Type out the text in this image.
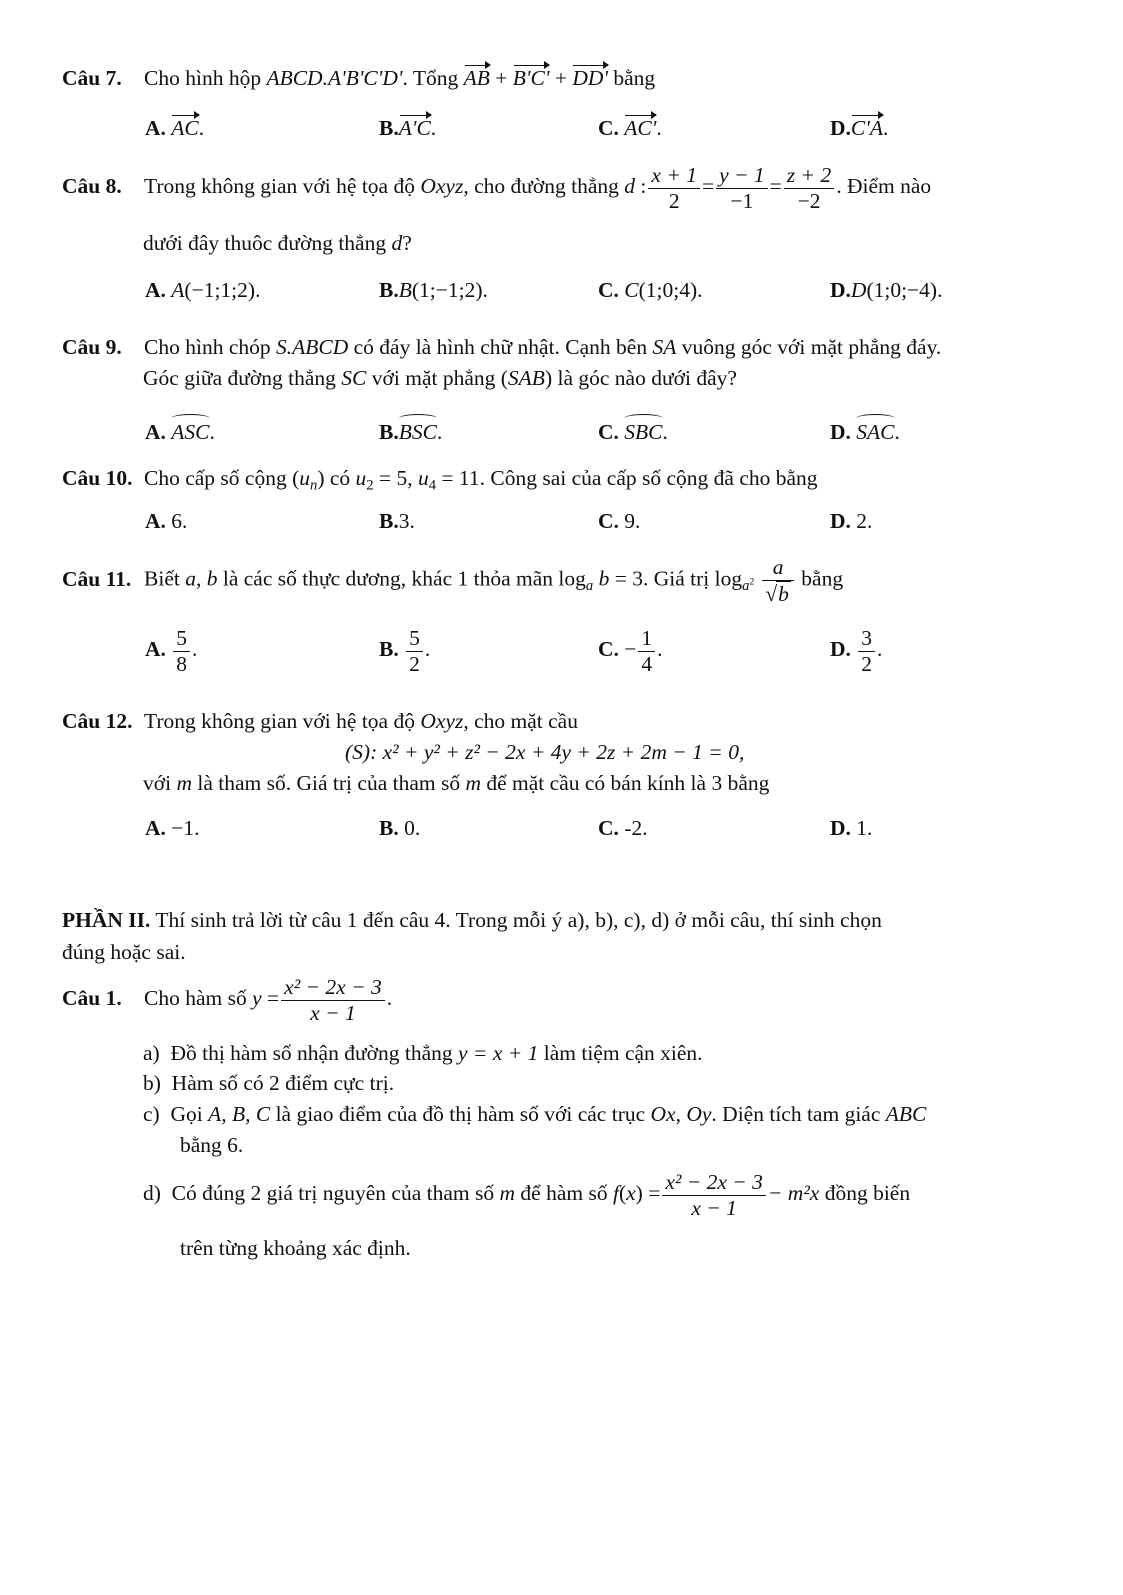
Câu 7. Cho hình hộp ABCD.A'B'C'D'. Tổng AB + B'C' + DD' bằng
A. AC.	B.A'C.	C. AC'.	D.C'A.
Câu 8. Trong không gian với hệ tọa độ Oxyz, cho đường thẳng d : $\frac{x + 1}{2} = \frac{y - 1}{-1} = \frac{z + 2}{-2}$ . Điểm nào
dưới đây thuôc đường thẳng d?
A. A(−1;1;2).	B.B(1;−1;2).	C. C(1;0;4).	D.D(1;0;−4).
Câu 9. Cho hình chóp S.ABCD có đáy là hình chữ nhật. Cạnh bên SA vuông góc với mặt phẳng đáy.
Góc giữa đường thẳng SC với mặt phẳng (SAB) là góc nào dưới đây?
A. ASC.	B.BSC.	C. SBC.	D. SAC.
Câu 10. Cho cấp số cộng $(u_n)$ có $u_2 = 5$, $u_4 = 11$. Công sai của cấp số cộng đã cho bằng
A. 6.	B.3.	C. 9.	D. 2.
Câu 11. Biết a, b là các số thực dương, khác 1 thỏa mãn $\log_a b = 3$. Giá trị $\log_{a^2} \frac{a}{√b}$ bằng
A. $\frac{5}{8}$ .	B. $\frac{5}{2}$ .	C. − $\frac{1}{4}$ .	D. $\frac{3}{2}$ .
Câu 12. Trong không gian với hệ tọa độ Oxyz, cho mặt cầu
(S): x² + y² + z² − 2x + 4y + 2z + 2m − 1 = 0,
với m là tham số. Giá trị của tham số m để mặt cầu có bán kính là 3 bằng
A. −1.	B. 0.	C. -2.	D. 1.
PHẦN II. Thí sinh trả lời từ câu 1 đến câu 4. Trong mỗi ý a), b), c), d) ở mỗi câu, thí sinh chọn
đúng hoặc sai.
Câu 1. Cho hàm số $y = \frac{\text{x² − 2x − 3}}{x - 1}$ .
a) Đồ thị hàm số nhận đường thẳng y = x + 1 làm tiệm cận xiên.
b) Hàm số có 2 điểm cực trị.
c) Gọi A, B, C là giao điểm của đồ thị hàm số với các trục Ox, Oy. Diện tích tam giác ABC
bằng 6.
d) Có đúng 2 giá trị nguyên của tham số m để hàm số $f(x) = \frac{\text{x² − 2x − 3}}{x - 1} - m^2x$ đồng biến
trên từng khoảng xác định.
